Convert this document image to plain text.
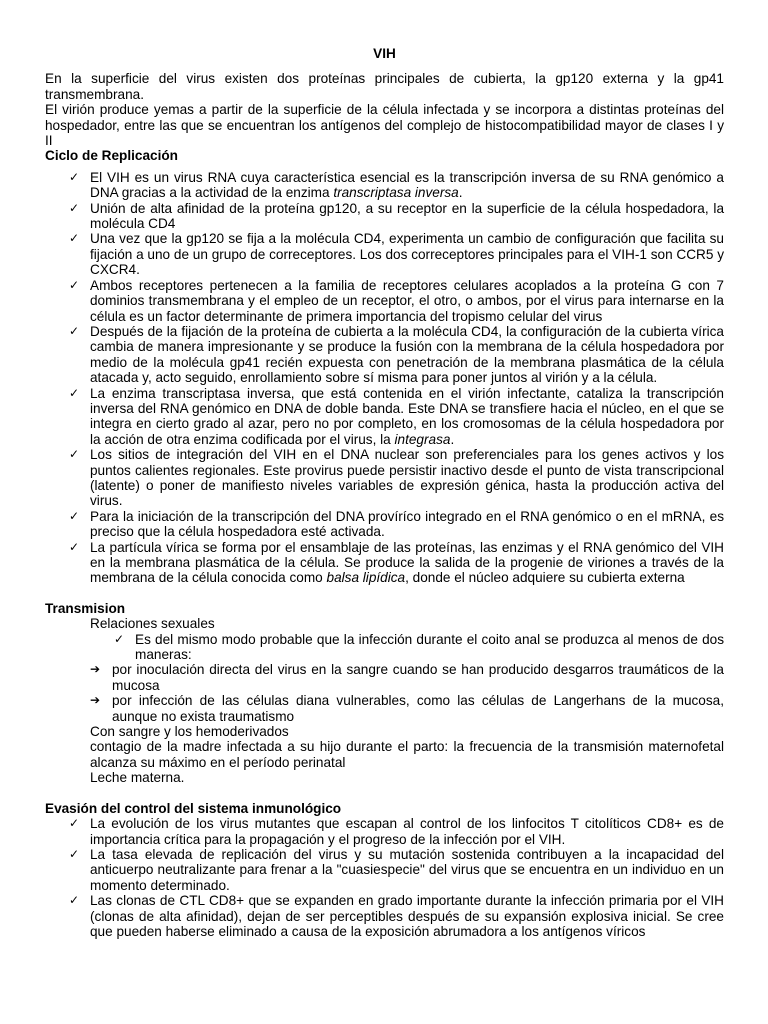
VIH

En la superficie del virus existen dos proteínas principales de cubierta, la gp120 externa y la gp41 transmembrana.

El virión produce yemas a partir de la superficie de la célula infectada y se incorpora a distintas proteínas del hospedador, entre las que se encuentran los antígenos del complejo de histocompatibilidad mayor de clases I y II

Ciclo de Replicación
✓ El VIH es un virus RNA cuya característica esencial es la transcripción inversa de su RNA genómico a DNA gracias a la actividad de la enzima transcriptasa inversa.
✓ Unión de alta afinidad de la proteína gp120, a su receptor en la superficie de la célula hospedadora, la molécula CD4
✓ Una vez que la gp120 se fija a la molécula CD4, experimenta un cambio de configuración que facilita su fijación a uno de un grupo de correceptores. Los dos correceptores principales para el VIH-1 son CCR5 y CXCR4.
✓ Ambos receptores pertenecen a la familia de receptores celulares acoplados a la proteína G con 7 dominios transmembrana y el empleo de un receptor, el otro, o ambos, por el virus para internarse en la célula es un factor determinante de primera importancia del tropismo celular del virus
✓ Después de la fijación de la proteína de cubierta a la molécula CD4, la configuración de la cubierta vírica cambia de manera impresionante y se produce la fusión con la membrana de la célula hospedadora por medio de la molécula gp41 recién expuesta con penetración de la membrana plasmática de la célula atacada y, acto seguido, enrollamiento sobre sí misma para poner juntos al virión y a la célula.
✓ La enzima transcriptasa inversa, que está contenida en el virión infectante, cataliza la transcripción inversa del RNA genómico en DNA de doble banda. Este DNA se transfiere hacia el núcleo, en el que se integra en cierto grado al azar, pero no por completo, en los cromosomas de la célula hospedadora por la acción de otra enzima codificada por el virus, la integrasa.
✓ Los sitios de integración del VIH en el DNA nuclear son preferenciales para los genes activos y los puntos calientes regionales. Este provirus puede persistir inactivo desde el punto de vista transcripcional (latente) o poner de manifiesto niveles variables de expresión génica, hasta la producción activa del virus.
✓ Para la iniciación de la transcripción del DNA províríco integrado en el RNA genómico o en el mRNA, es preciso que la célula hospedadora esté activada.
✓ La partícula vírica se forma por el ensamblaje de las proteínas, las enzimas y el RNA genómico del VIH en la membrana plasmática de la célula. Se produce la salida de la progenie de viriones a través de la membrana de la célula conocida como balsa lipídica, donde el núcleo adquiere su cubierta externa
Transmision

Relaciones sexuales

✓ Es del mismo modo probable que la infección durante el coito anal se produzca al menos de dos maneras:
➔ por inoculación directa del virus en la sangre cuando se han producido desgarros traumáticos de la mucosa
➔ por infección de las células diana vulnerables, como las células de Langerhans de la mucosa, aunque no exista traumatismo

Con sangre y los hemoderivados

contagio de la madre infectada a su hijo durante el parto: la frecuencia de la transmisión maternofetal alcanza su máximo en el período perinatal

Leche materna.

Evasión del control del sistema inmunológico
✓ La evolución de los virus mutantes que escapan al control de los linfocitos T citolíticos CD8+ es de importancia crítica para la propagación y el progreso de la infección por el VIH.
✓ La tasa elevada de replicación del virus y su mutación sostenida contribuyen a la incapacidad del anticuerpo neutralizante para frenar a la "cuasiespecie" del virus que se encuentra en un individuo en un momento determinado.
✓ Las clonas de CTL CD8+ que se expanden en grado importante durante la infección primaria por el VIH (clonas de alta afinidad), dejan de ser perceptibles después de su expansión explosiva inicial. Se cree que pueden haberse eliminado a causa de la exposición abrumadora a los antígenos víricos
